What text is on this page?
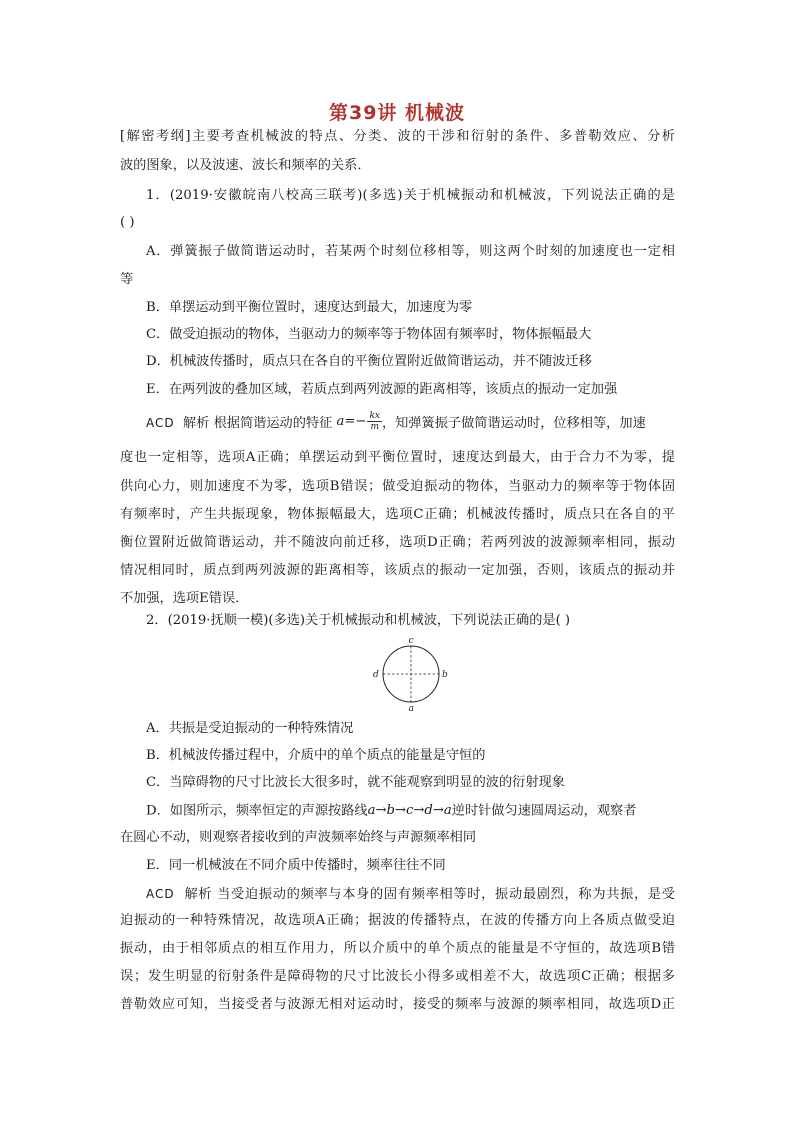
第39讲 机械波
[解密考纲]主要考查机械波的特点、分类、波的干涉和衍射的条件、多普勒效应、分析
波的图象，以及波速、波长和频率的关系．
1．(2019·安徽皖南八校高三联考)(多选)关于机械振动和机械波，下列说法正确的是
( )
A．弹簧振子做简谐运动时，若某两个时刻位移相等，则这两个时刻的加速度也一定相
等
B．单摆运动到平衡位置时，速度达到最大，加速度为零
C．做受迫振动的物体，当驱动力的频率等于物体固有频率时，物体振幅最大
D．机械波传播时，质点只在各自的平衡位置附近做简谐运动，并不随波迁移
E．在两列波的叠加区域，若质点到两列波源的距离相等，该质点的振动一定加强
ACD 解析 根据简谐运动的特征 $a=- \frac{kx}{m}$ ，知弹簧振子做简谐运动时，位移相等，加速
度也一定相等，选项A正确；单摆运动到平衡位置时，速度达到最大，由于合力不为零，提
供向心力，则加速度不为零，选项B错误；做受迫振动的物体，当驱动力的频率等于物体固
有频率时，产生共振现象，物体振幅最大，选项C正确；机械波传播时，质点只在各自的平
衡位置附近做简谐运动，并不随波向前迁移，选项D正确；若两列波的波源频率相同，振动
情况相同时，质点到两列波源的距离相等，该质点的振动一定加强，否则，该质点的振动并
不加强，选项E错误．
2．(2019·抚顺一模)(多选)关于机械振动和机械波，下列说法正确的是( )
c
d	b
a
A．共振是受迫振动的一种特殊情况
B．机械波传播过程中，介质中的单个质点的能量是守恒的
C．当障碍物的尺寸比波长大很多时，就不能观察到明显的波的衍射现象
D．如图所示，频率恒定的声源按路线a→b→c→d→a逆时针做匀速圆周运动，观察者
在圆心不动，则观察者接收到的声波频率始终与声源频率相同
E．同一机械波在不同介质中传播时，频率往往不同
ACD 解析 当受迫振动的频率与本身的固有频率相等时，振动最剧烈，称为共振，是受
迫振动的一种特殊情况，故选项A正确；据波的传播特点，在波的传播方向上各质点做受迫
振动，由于相邻质点的相互作用力，所以介质中的单个质点的能量是不守恒的，故选项B错
误；发生明显的衍射条件是障碍物的尺寸比波长小得多或相差不大，故选项C正确；根据多
普勒效应可知，当接受者与波源无相对运动时，接受的频率与波源的频率相同，故选项D正
